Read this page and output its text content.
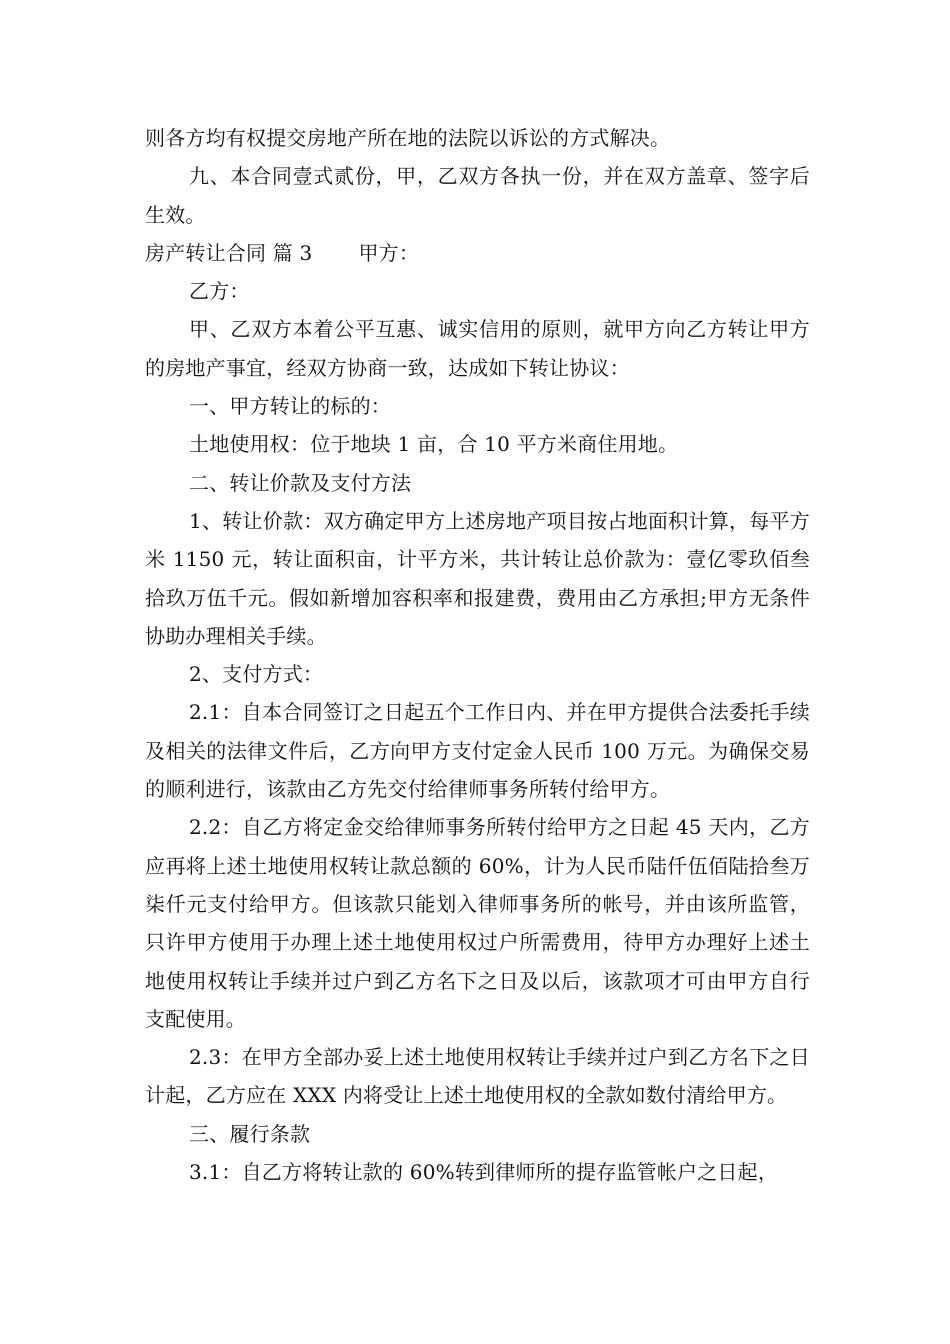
则各方均有权提交房地产所在地的法院以诉讼的方式解决。

九、本合同壹式贰份，甲，乙双方各执一份，并在双方盖章、签字后生效。

房产转让合同 篇 3 甲方：

乙方：

甲、乙双方本着公平互惠、诚实信用的原则，就甲方向乙方转让甲方的房地产事宜，经双方协商一致，达成如下转让协议：

一、甲方转让的标的：

土地使用权：位于地块 1 亩，合 10 平方米商住用地。

二、转让价款及支付方法

1、转让价款：双方确定甲方上述房地产项目按占地面积计算，每平方米 1150 元，转让面积亩，计平方米，共计转让总价款为：壹亿零玖佰叁拾玖万伍千元。假如新增加容积率和报建费，费用由乙方承担;甲方无条件协助办理相关手续。

2、支付方式：

2.1：自本合同签订之日起五个工作日内、并在甲方提供合法委托手续及相关的法律文件后，乙方向甲方支付定金人民币 100 万元。为确保交易的顺利进行，该款由乙方先交付给律师事务所转付给甲方。

2.2：自乙方将定金交给律师事务所转付给甲方之日起 45 天内，乙方应再将上述土地使用权转让款总额的 60%，计为人民币陆仟伍佰陆拾叁万柒仟元支付给甲方。但该款只能划入律师事务所的帐号，并由该所监管，只许甲方使用于办理上述土地使用权过户所需费用，待甲方办理好上述土地使用权转让手续并过户到乙方名下之日及以后，该款项才可由甲方自行支配使用。

2.3：在甲方全部办妥上述土地使用权转让手续并过户到乙方名下之日计起，乙方应在 XXX 内将受让上述土地使用权的全款如数付清给甲方。

三、履行条款

3.1：自乙方将转让款的 60%转到律师所的提存监管帐户之日起，
